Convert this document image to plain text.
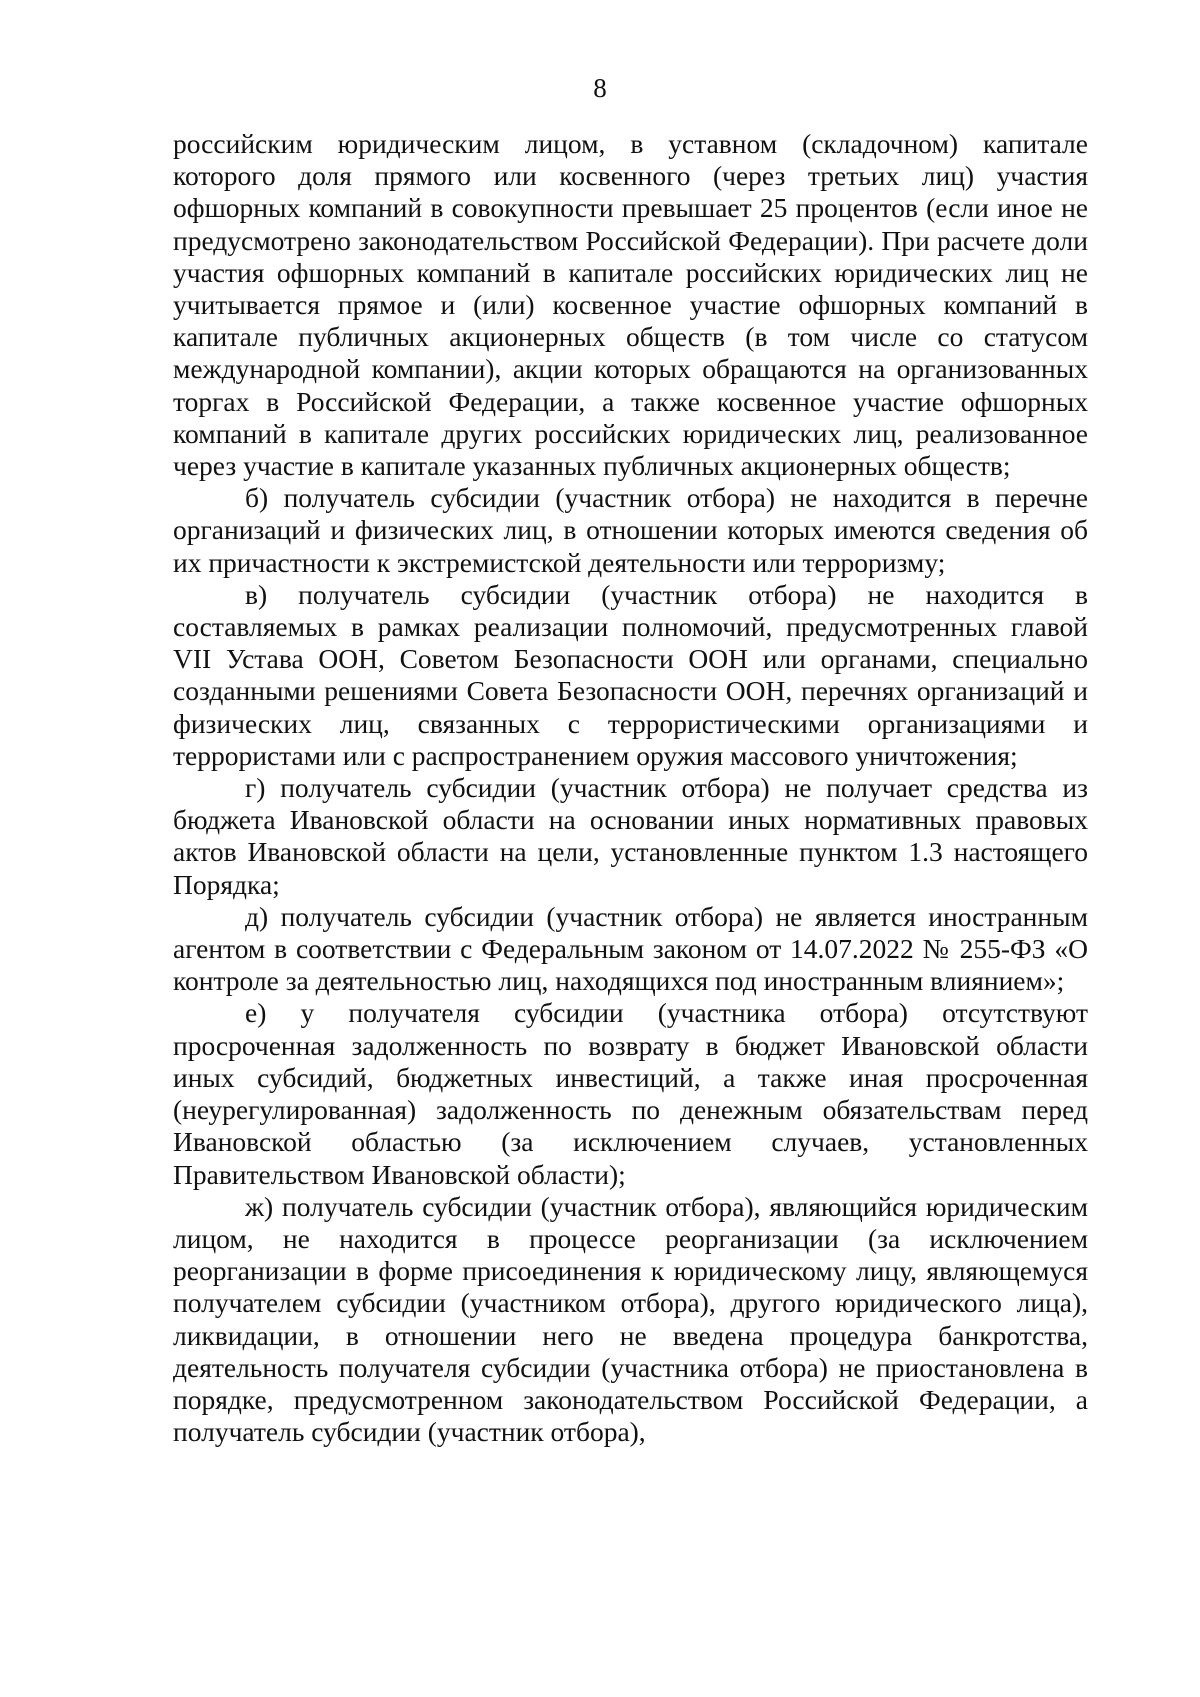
8

российским юридическим лицом, в уставном (складочном) капитале которого доля прямого или косвенного (через третьих лиц) участия офшорных компаний в совокупности превышает 25 процентов (если иное не предусмотрено законодательством Российской Федерации). При расчете доли участия офшорных компаний в капитале российских юридических лиц не учитывается прямое и (или) косвенное участие офшорных компаний в капитале публичных акционерных обществ (в том числе со статусом международной компании), акции которых обращаются на организованных торгах в Российской Федерации, а также косвенное участие офшорных компаний в капитале других российских юридических лиц, реализованное через участие в капитале указанных публичных акционерных обществ;

б) получатель субсидии (участник отбора) не находится в перечне организаций и физических лиц, в отношении которых имеются сведения об их причастности к экстремистской деятельности или терроризму;

в) получатель субсидии (участник отбора) не находится в составляемых в рамках реализации полномочий, предусмотренных главой VII Устава ООН, Советом Безопасности ООН или органами, специально созданными решениями Совета Безопасности ООН, перечнях организаций и физических лиц, связанных с террористическими организациями и террористами или с распространением оружия массового уничтожения;

г) получатель субсидии (участник отбора) не получает средства из бюджета Ивановской области на основании иных нормативных правовых актов Ивановской области на цели, установленные пунктом 1.3 настоящего Порядка;

д) получатель субсидии (участник отбора) не является иностранным агентом в соответствии с Федеральным законом от 14.07.2022 № 255-ФЗ «О контроле за деятельностью лиц, находящихся под иностранным влиянием»;

е) у получателя субсидии (участника отбора) отсутствуют просроченная задолженность по возврату в бюджет Ивановской области иных субсидий, бюджетных инвестиций, а также иная просроченная (неурегулированная) задолженность по денежным обязательствам перед Ивановской областью (за исключением случаев, установленных Правительством Ивановской области);

ж) получатель субсидии (участник отбора), являющийся юридическим лицом, не находится в процессе реорганизации (за исключением реорганизации в форме присоединения к юридическому лицу, являющемуся получателем субсидии (участником отбора), другого юридического лица), ликвидации, в отношении него не введена процедура банкротства, деятельность получателя субсидии (участника отбора) не приостановлена в порядке, предусмотренном законодательством Российской Федерации, а получатель субсидии (участник отбора),
